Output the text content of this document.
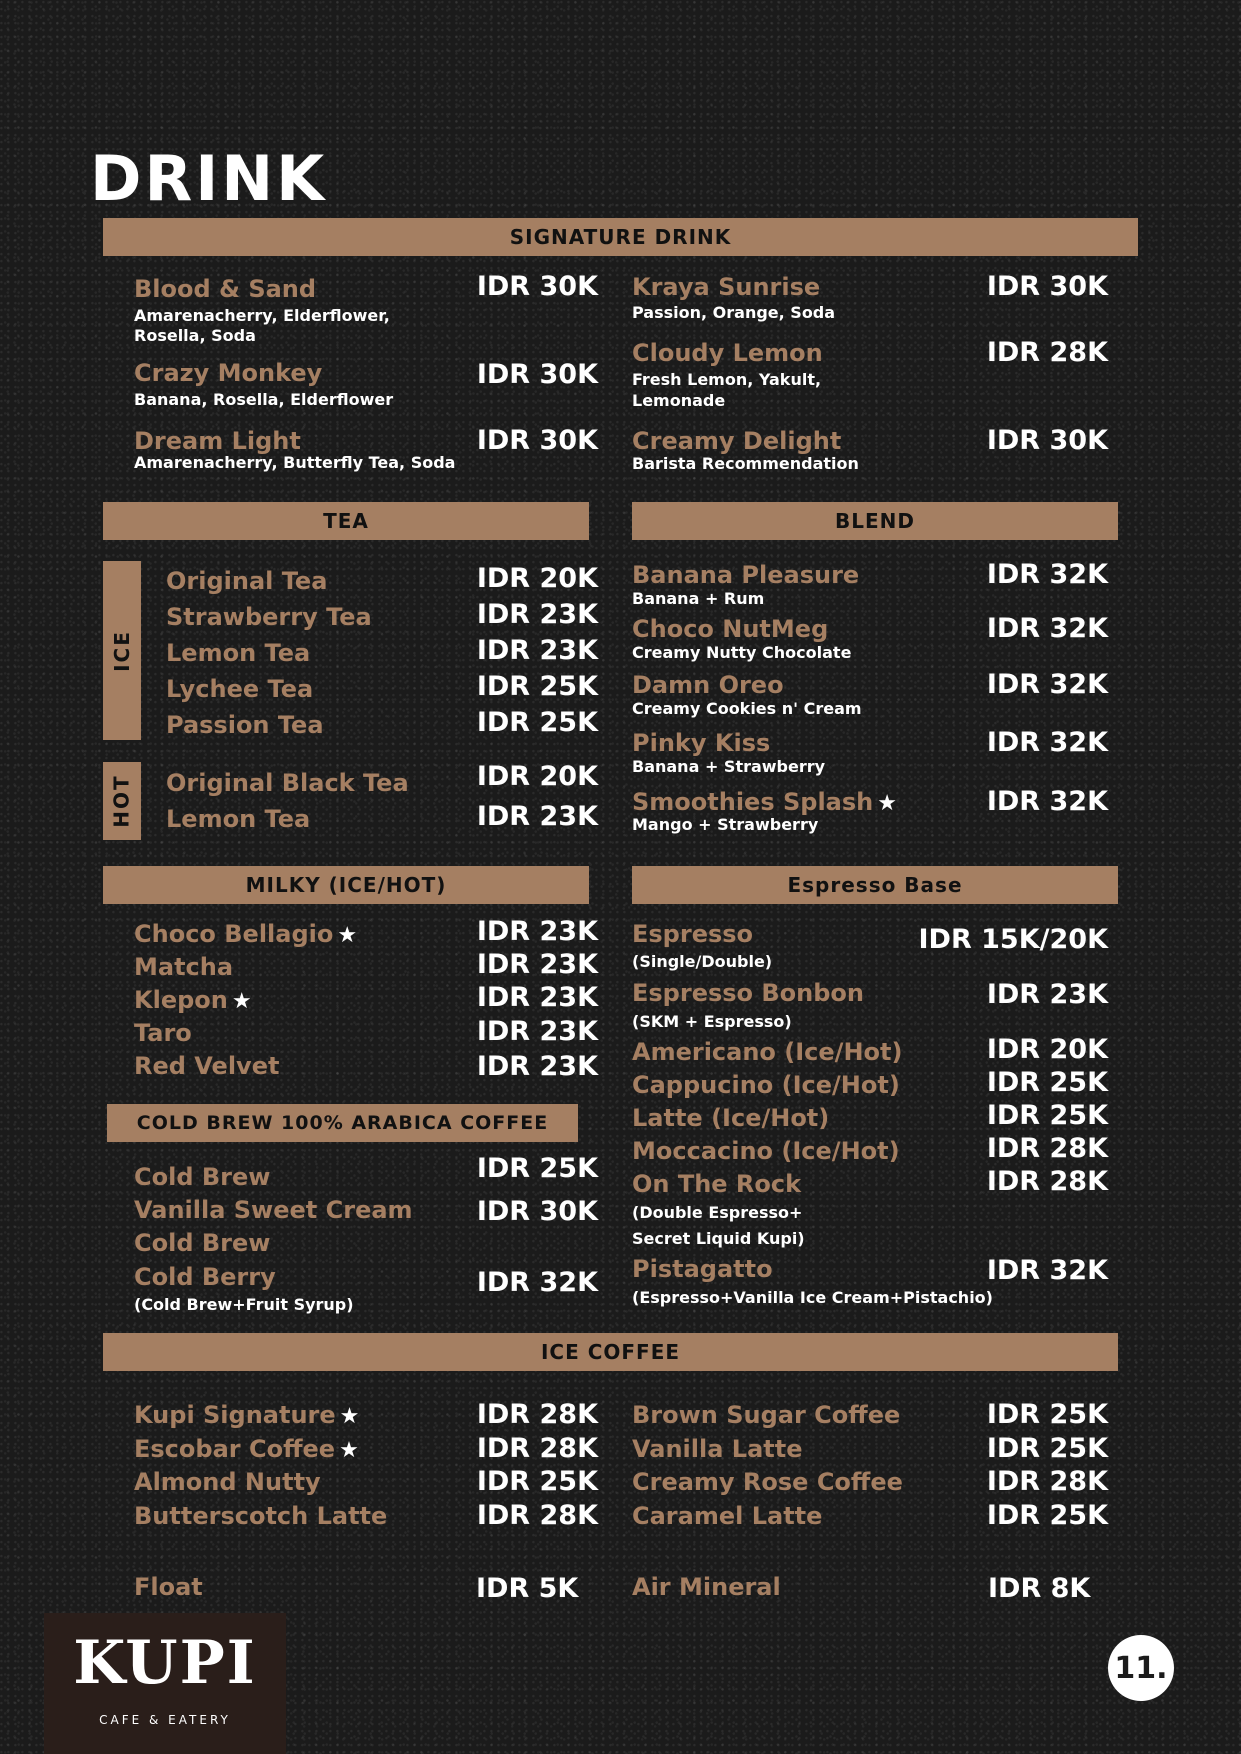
DRINK
SIGNATURE DRINK
Blood & Sand
Amarenacherry, Elderflower,
Rosella, Soda
IDR 30K
Crazy Monkey
Banana, Rosella, Elderflower
IDR 30K
Dream Light
Amarenacherry, Butterfly Tea, Soda
IDR 30K
Kraya Sunrise
Passion, Orange, Soda
IDR 30K
Cloudy Lemon
Fresh Lemon, Yakult,
Lemonade
IDR 28K
Creamy Delight
Barista Recommendation
IDR 30K
TEA
ICE
HOT
Original Tea	IDR 20K
Strawberry Tea	IDR 23K
Lemon Tea	IDR 23K
Lychee Tea	IDR 25K
Passion Tea	IDR 25K
Original Black Tea	IDR 20K
Lemon Tea	IDR 23K
BLEND
Banana Pleasure
Banana + Rum
IDR 32K
Choco NutMeg
Creamy Nutty Chocolate
IDR 32K
Damn Oreo
Creamy Cookies n' Cream
IDR 32K
Pinky Kiss
Banana + Strawberry
IDR 32K
Smoothies Splash ★
Mango + Strawberry
IDR 32K
MILKY (ICE/HOT)
Choco Bellagio ★	IDR 23K
Matcha	IDR 23K
Klepon ★	IDR 23K
Taro	IDR 23K
Red Velvet	IDR 23K
COLD BREW 100% ARABICA COFFEE
Cold Brew	IDR 25K
Vanilla Sweet Cream
Cold Brew
IDR 30K
Cold Berry
(Cold Brew+Fruit Syrup)
IDR 32K
Espresso Base
Espresso
(Single/Double)
IDR 15K/20K
Espresso Bonbon
(SKM + Espresso)
IDR 23K
Americano (Ice/Hot)	IDR 20K
Cappucino (Ice/Hot)	IDR 25K
Latte (Ice/Hot)	IDR 25K
Moccacino (Ice/Hot)	IDR 28K
On The Rock
(Double Espresso+
Secret Liquid Kupi)
IDR 28K
Pistagatto
(Espresso+Vanilla Ice Cream+Pistachio)
IDR 32K
ICE COFFEE
Kupi Signature ★	IDR 28K
Escobar Coffee ★	IDR 28K
Almond Nutty	IDR 25K
Butterscotch Latte	IDR 28K
Brown Sugar Coffee	IDR 25K
Vanilla Latte	IDR 25K
Creamy Rose Coffee	IDR 28K
Caramel Latte	IDR 25K
Float	IDR 5K Air Mineral	IDR 8K
KUPI
CAFE & EATERY
11.
